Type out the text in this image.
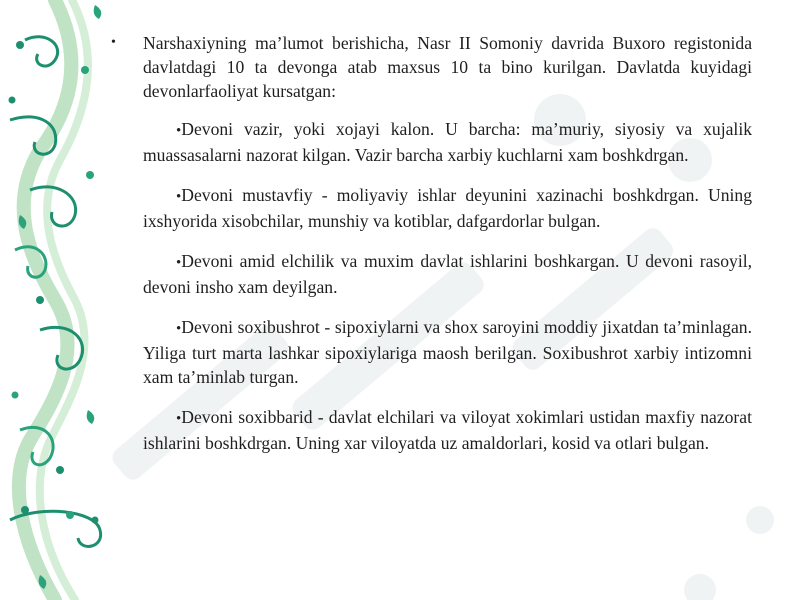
• Narshaxiyning ma’lumot berishicha, Nasr II Somoniy davrida Buxoro registonida davlatdagi 10 ta devonga atab maxsus 10 ta bino kurilgan. Davlatda kuyidagi devonlarfaoliyat kursatgan:

•Devoni vazir, yoki xojayi kalon. U barcha: ma’muriy, siyosiy va xujalik muassasalarni nazorat kilgan. Vazir barcha xarbiy kuchlarni xam boshkdrgan.

•Devoni mustavfiy - moliyaviy ishlar deyunini xazinachi boshkdrgan. Uning ixshyorida xisobchilar, munshiy va kotiblar, dafgardorlar bulgan.

•Devoni amid elchilik va muxim davlat ishlarini boshkargan. U devoni rasoyil, devoni insho xam deyilgan.

•Devoni soxibushrot - sipoxiylarni va shox saroyini moddiy jixatdan ta’minlagan. Yiliga turt marta lashkar sipoxiylariga maosh berilgan. Soxibushrot xarbiy intizomni xam ta’minlab turgan.

•Devoni soxibbarid - davlat elchilari va viloyat xokimlari ustidan maxfiy nazorat ishlarini boshkdrgan. Uning xar viloyatda uz amaldorlari, kosid va otlari bulgan.
